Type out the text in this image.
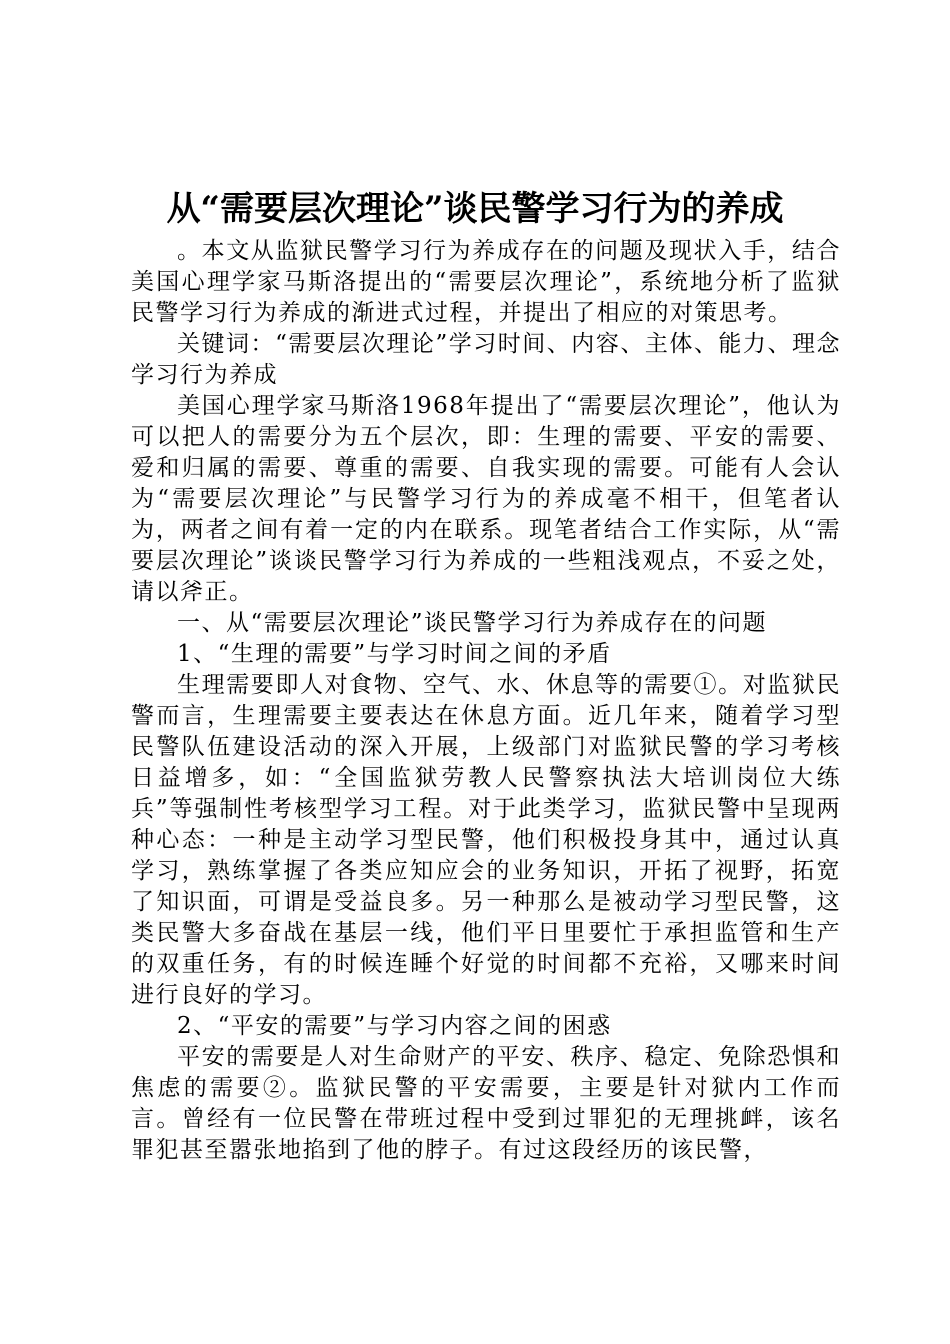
从“需要层次理论”谈民警学习行为的养成

。本文从监狱民警学习行为养成存在的问题及现状入手，结合美国心理学家马斯洛提出的“需要层次理论”，系统地分析了监狱民警学习行为养成的渐进式过程，并提出了相应的对策思考。

关键词：“需要层次理论”学习时间、内容、主体、能力、理念学习行为养成

美国心理学家马斯洛1968年提出了“需要层次理论”，他认为可以把人的需要分为五个层次，即：生理的需要、平安的需要、爱和归属的需要、尊重的需要、自我实现的需要。可能有人会认为“需要层次理论”与民警学习行为的养成毫不相干，但笔者认为，两者之间有着一定的内在联系。现笔者结合工作实际，从“需要层次理论”谈谈民警学习行为养成的一些粗浅观点，不妥之处，请以斧正。

一、从“需要层次理论”谈民警学习行为养成存在的问题

1、“生理的需要”与学习时间之间的矛盾

生理需要即人对食物、空气、水、休息等的需要①。对监狱民警而言，生理需要主要表达在休息方面。近几年来，随着学习型民警队伍建设活动的深入开展，上级部门对监狱民警的学习考核日益增多，如：“全国监狱劳教人民警察执法大培训岗位大练兵”等强制性考核型学习工程。对于此类学习，监狱民警中呈现两种心态：一种是主动学习型民警，他们积极投身其中，通过认真学习，熟练掌握了各类应知应会的业务知识，开拓了视野，拓宽了知识面，可谓是受益良多。另一种那么是被动学习型民警，这类民警大多奋战在基层一线，他们平日里要忙于承担监管和生产的双重任务，有的时候连睡个好觉的时间都不充裕，又哪来时间进行良好的学习。

2、“平安的需要”与学习内容之间的困惑

平安的需要是人对生命财产的平安、秩序、稳定、免除恐惧和焦虑的需要②。监狱民警的平安需要，主要是针对狱内工作而言。曾经有一位民警在带班过程中受到过罪犯的无理挑衅，该名罪犯甚至嚣张地掐到了他的脖子。有过这段经历的该民警，
